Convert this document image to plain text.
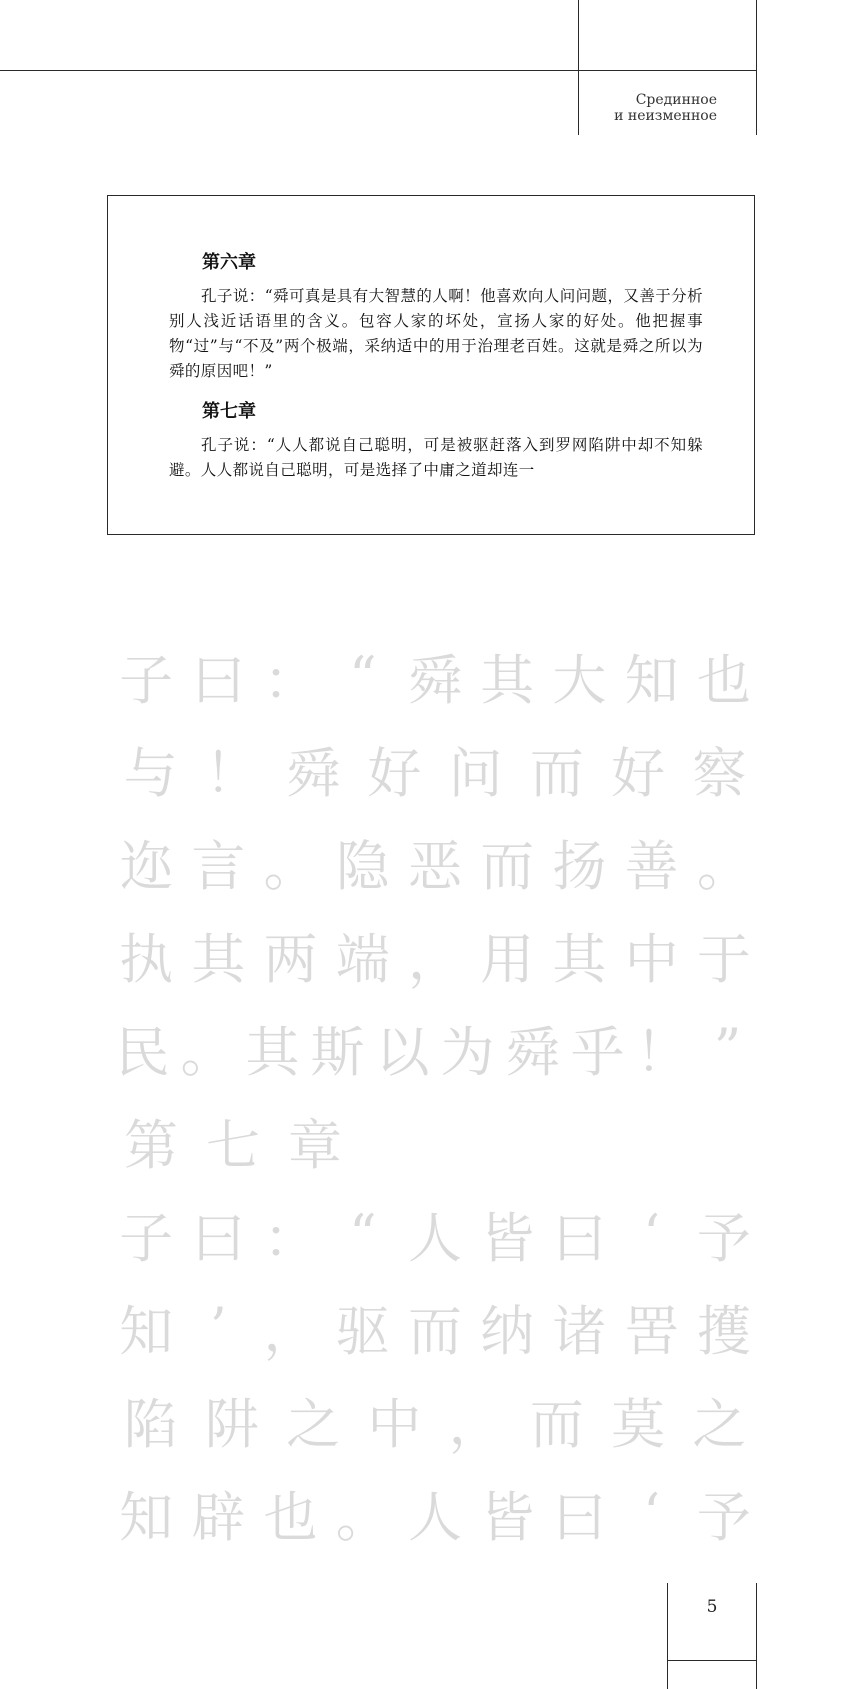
Срединное
и неизменное
第六章

孔子说：“舜可真是具有大智慧的人啊！他喜欢向人问问题，又善于分析别人浅近话语里的含义。包容人家的坏处，宣扬人家的好处。他把握事物“过”与“不及”两个极端，采纳适中的用于治理老百姓。这就是舜之所以为舜的原因吧！”

第七章

孔子说：“人人都说自己聪明，可是被驱赶落入到罗网陷阱中却不知躲避。人人都说自己聪明，可是选择了中庸之道却连一

子 曰 ： “ 舜 其 大 知 也
与 ！ 舜 好 问 而 好 察
迩 言 。 隐 恶 而 扬 善 。
执 其 两 端 ， 用 其 中 于
民 。 其 斯 以 为 舜 乎 ！ ”
第 七 章
子 曰 ： “ 人 皆 曰 ‘ 予
知 ’ ， 驱 而 纳 诸 罟 擭
陷 阱 之 中 ， 而 莫 之
知 辟 也 。 人 皆 曰 ‘ 予
5
